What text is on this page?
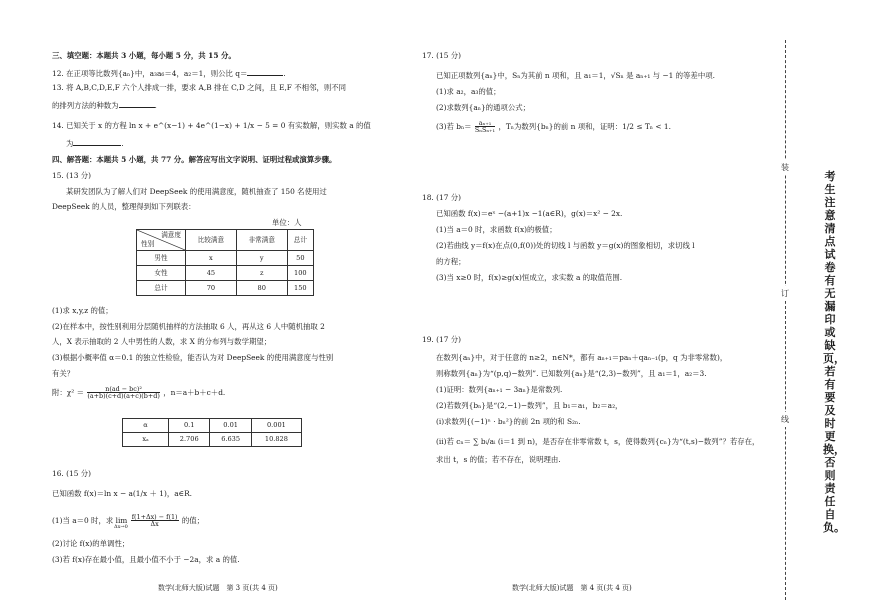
三、填空题：本题共 3 小题，每小题 5 分，共 15 分。
12. 在正项等比数列{aₙ}中，a₃a₆＝4，a₂＝1，则公比 q＝	.
13. 将 A,B,C,D,E,F 六个人排成一排，要求 A,B 排在 C,D 之间，且 E,F 不相邻，则不同
的排列方法的种数为	.
14. 已知关于 x 的方程 ln x + e^(x−1) + 4e^(1−x) + 1/x − 5 = 0 有实数解，则实数 a 的值
为	.
四、解答题：本题共 5 小题，共 77 分。解答应写出文字说明、证明过程或演算步骤。
15. (13 分)
某研发团队为了解人们对 DeepSeek 的使用满意度，随机抽查了 150 名使用过
DeepSeek 的人员，整理得到如下列联表：
单位：人
满意度
性别	比较满意	非常满意	总计
男性	x	y	50
女性	45	z	100
总计	70	80	150
(1)求 x,y,z 的值；
(2)在样本中，按性别利用分层随机抽样的方法抽取 6 人，再从这 6 人中随机抽取 2
人，X 表示抽取的 2 人中男性的人数，求 X 的分布列与数学期望；
(3)根据小概率值 α＝0.1 的独立性检验，能否认为对 DeepSeek 的使用满意度与性别
有关？
附：$\chi^2 = \frac{\text{n(ad − bc)²}}{(a+b)(c+d)(a+c)(b+d)}$ ，n＝a＋b＋c＋d.
α	0.1	0.01	0.001
xₐ	2.706	6.635	10.828
16. (15 分)
已知函数 f(x)＝ln x − a(1/x ＋ 1)，a∈R.
(1)当 a＝0 时，求 $\lim \frac{f(1+\Delta x) - f(1)}{\Delta x}$ 的值；
Δx→0
(2)讨论 f(x)的单调性；
(3)若 f(x)存在最小值，且最小值不小于 −2a，求 a 的值.
数学(北师大版)试题　第 3 页(共 4 页)
17. (15 分)
已知正项数列{aₙ}中，Sₙ为其前 n 项和，且 a₁＝1，√Sₙ 是 aₙ₊₁ 与 −1 的等差中项.
(1)求 a₂，a₃的值；
(2)求数列{aₙ}的通项公式；
(3)若 $b_n= \frac{\text{aₙ₊₁}}{\text{SₙSₙ₊₁}}$ ，Tₙ为数列{bₙ}的前 n 项和，证明：1/2 ≤ Tₙ < 1.
18. (17 分)
已知函数 f(x)＝eˣ −(a+1)x −1(a∈R)，g(x)＝x² − 2x.
(1)当 a＝0 时，求函数 f(x)的极值；
(2)若曲线 y＝f(x)在点(0,f(0))处的切线 l 与函数 y＝g(x)的图象相切，求切线 l
的方程；
(3)当 x≥0 时，f(x)≥g(x)恒成立，求实数 a 的取值范围.
19. (17 分)
在数列{aₙ}中，对于任意的 n≥2，n∈N*，都有 aₙ₊₁＝paₙ＋qaₙ₋₁(p，q 为非零常数)，
则称数列{aₙ}为“(p,q)−数列”. 已知数列{aₙ}是“(2,3)−数列”，且 a₁＝1，a₂＝3.
(1)证明：数列{aₙ₊₁ − 3aₙ}是常数列.
(2)若数列{bₙ}是“(2,−1)−数列”，且 b₁＝a₁，b₂＝a₂，
(ⅰ)求数列{(−1)ⁿ · bₙ²}的前 2n 项的和 S₂ₙ.
(ⅱ)若 cₙ＝ ∑ bᵢ/aᵢ (i＝1 到 n)，是否存在非零常数 t，s，使得数列{cₙ}为“(t,s)−数列”？若存在，
求出 t，s 的值；若不存在，说明理由.
数学(北师大版)试题　第 4 页(共 4 页)
装
订
线
考生注意清点试卷有无漏印或缺页，若有要及时更换，否则责任自负。
